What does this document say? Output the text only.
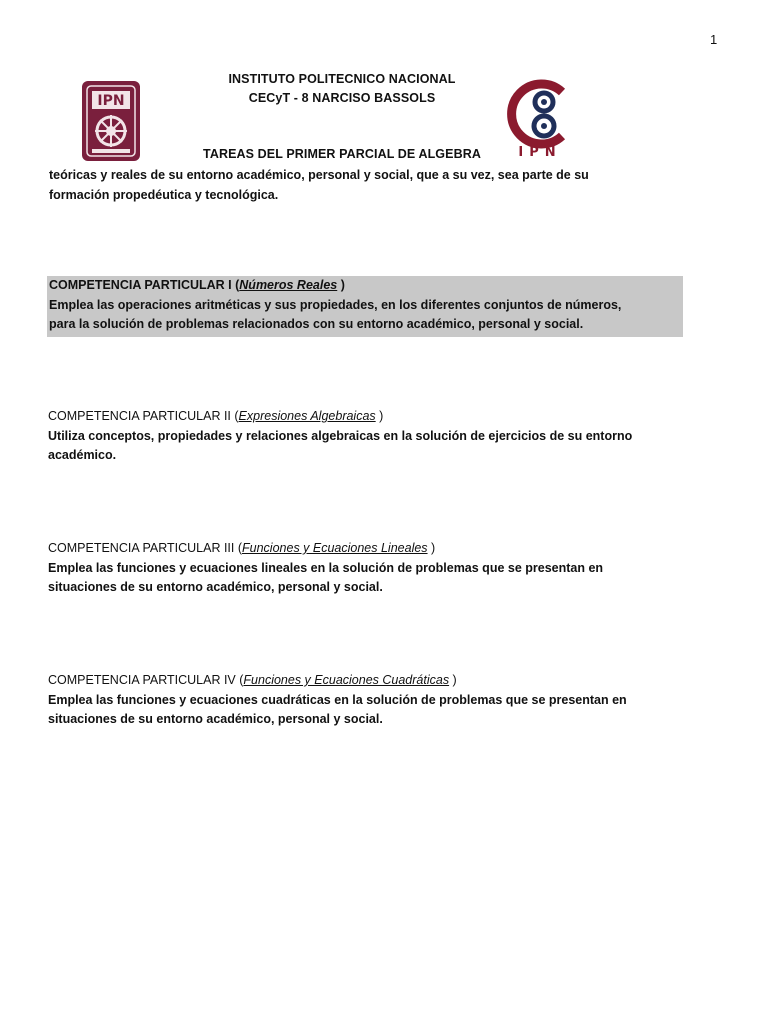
1
IPN
IPN
INSTITUTO POLITECNICO NACIONAL
CECyT - 8 NARCISO BASSOLS
TAREAS DEL PRIMER PARCIAL DE ALGEBRA
teóricas y reales de su entorno académico, personal y social, que a su vez, sea parte de su
formación propedéutica y tecnológica.
COMPETENCIA PARTICULAR I (Números Reales )
Emplea las operaciones aritméticas y sus propiedades, en los diferentes conjuntos de números,
para la solución de problemas relacionados con su entorno académico, personal y social.
COMPETENCIA PARTICULAR II (Expresiones Algebraicas )
Utiliza conceptos, propiedades y relaciones algebraicas en la solución de ejercicios de su entorno
académico.
COMPETENCIA PARTICULAR III (Funciones y Ecuaciones Lineales )
Emplea las funciones y ecuaciones lineales en la solución de problemas que se presentan en
situaciones de su entorno académico, personal y social.
COMPETENCIA PARTICULAR IV (Funciones y Ecuaciones Cuadráticas )
Emplea las funciones y ecuaciones cuadráticas en la solución de problemas que se presentan en
situaciones de su entorno académico, personal y social.
